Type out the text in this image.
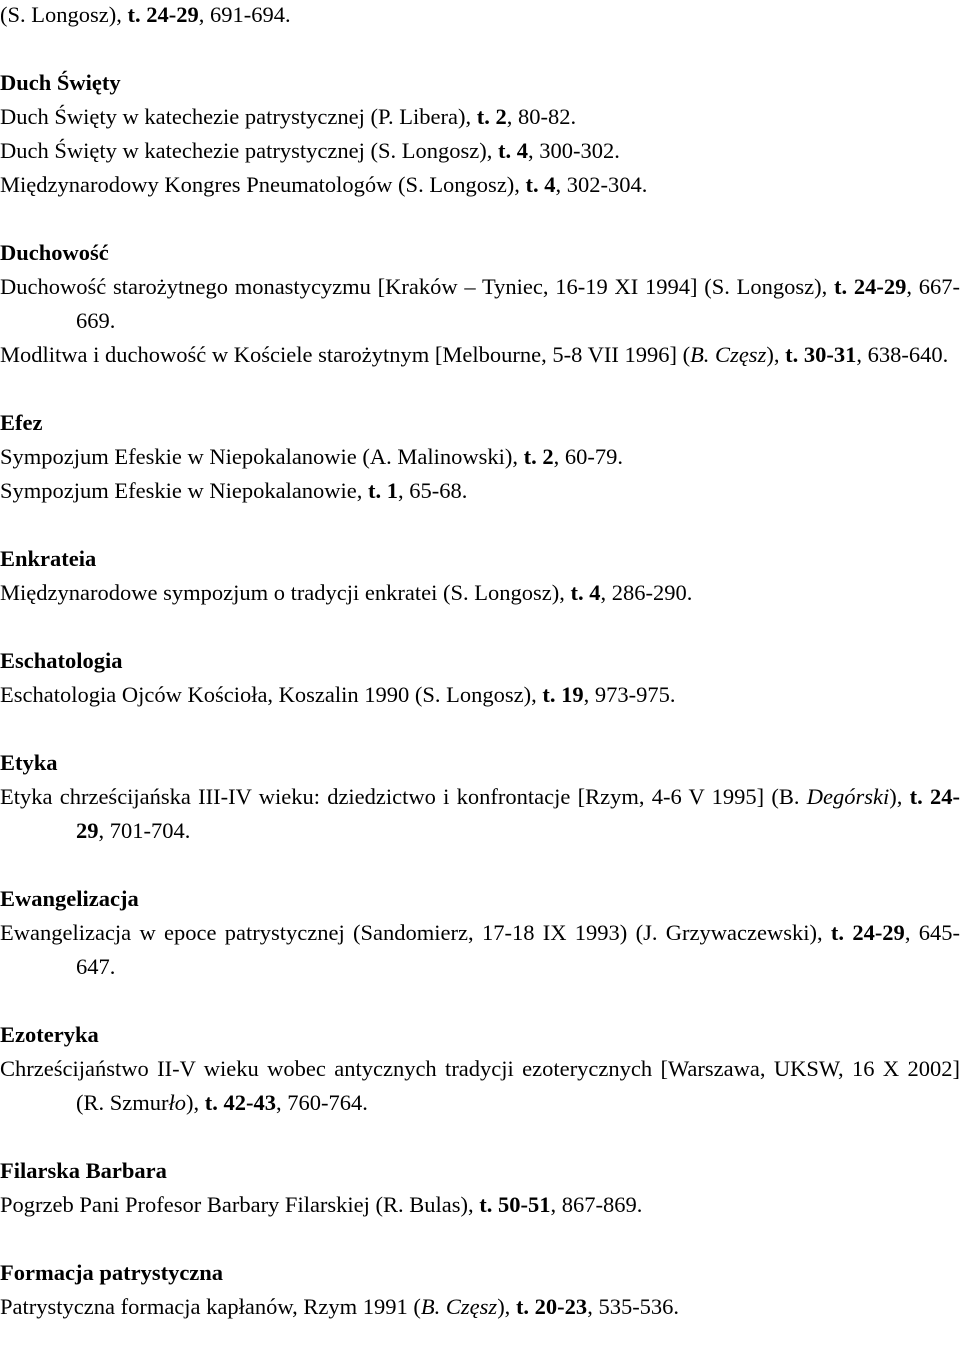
(S. Longosz), t. 24-29, 691-694.

Duch Święty

Duch Święty w katechezie patrystycznej (P. Libera), t. 2, 80-82.

Duch Święty w katechezie patrystycznej (S. Longosz), t. 4, 300-302.

Międzynarodowy Kongres Pneumatologów (S. Longosz), t. 4, 302-304.

Duchowość

Duchowość starożytnego monastycyzmu [Kraków – Tyniec, 16-19 XI 1994] (S. Longosz), t. 24-29, 667-669.

Modlitwa i duchowość w Kościele starożytnym [Melbourne, 5-8 VII 1996] (B. Częsz), t. 30-31, 638-640.

Efez

Sympozjum Efeskie w Niepokalanowie (A. Malinowski), t. 2, 60-79.

Sympozjum Efeskie w Niepokalanowie, t. 1, 65-68.

Enkrateia

Międzynarodowe sympozjum o tradycji enkratei (S. Longosz), t. 4, 286-290.

Eschatologia

Eschatologia Ojców Kościoła, Koszalin 1990 (S. Longosz), t. 19, 973-975.

Etyka

Etyka chrześcijańska III-IV wieku: dziedzictwo i konfrontacje [Rzym, 4-6 V 1995] (B. Degórski), t. 24-29, 701-704.

Ewangelizacja

Ewangelizacja w epoce patrystycznej (Sandomierz, 17-18 IX 1993) (J. Grzywaczewski), t. 24-29, 645-647.

Ezoteryka

Chrześcijaństwo II-V wieku wobec antycznych tradycji ezoterycznych [Warszawa, UKSW, 16 X 2002] (R. Szmurło), t. 42-43, 760-764.

Filarska Barbara

Pogrzeb Pani Profesor Barbary Filarskiej (R. Bulas), t. 50-51, 867-869.

Formacja patrystyczna

Patrystyczna formacja kapłanów, Rzym 1991 (B. Częsz), t. 20-23, 535-536.
